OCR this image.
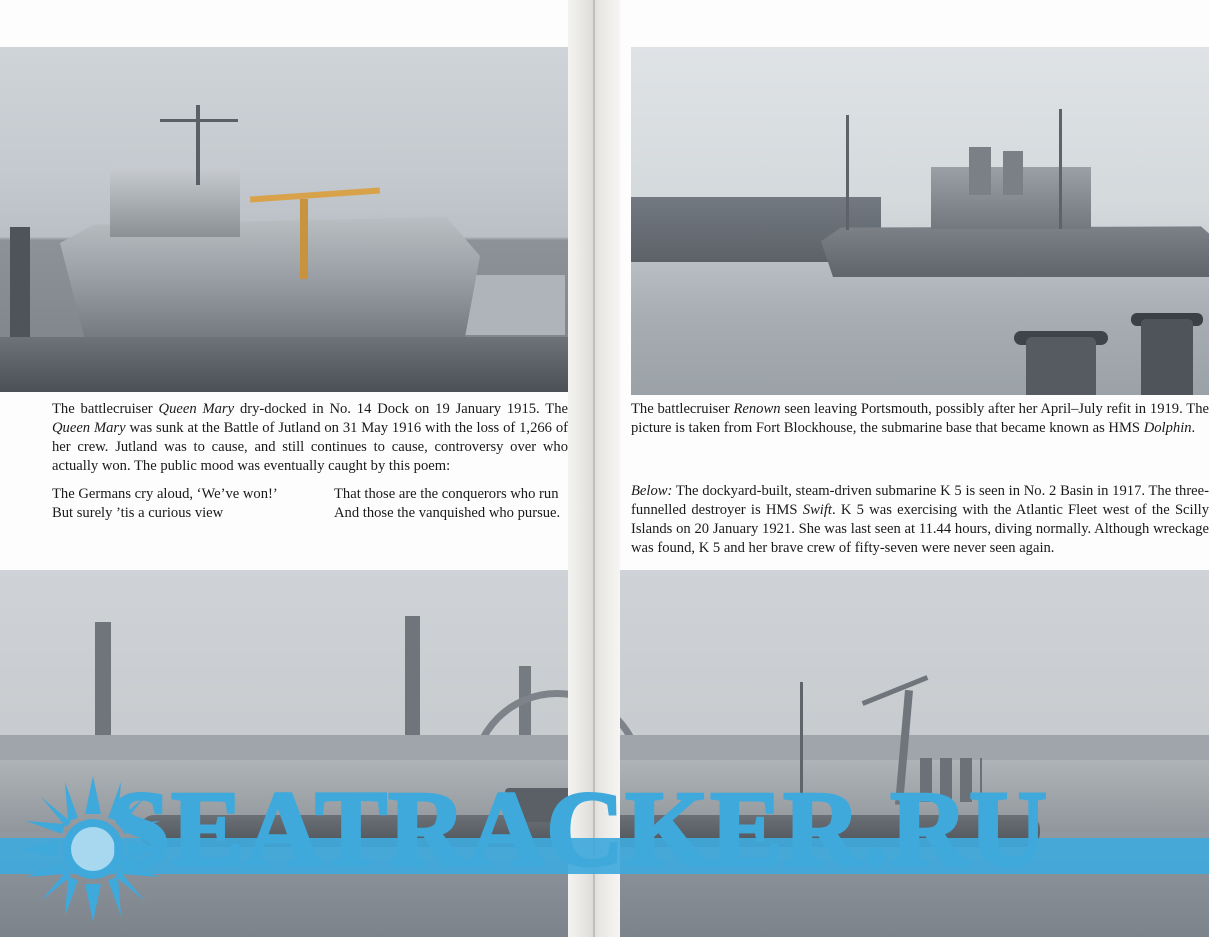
The battlecruiser Queen Mary dry-docked in No. 14 Dock on 19 January 1915. The Queen Mary was sunk at the Battle of Jutland on 31 May 1916 with the loss of 1,266 of her crew. Jutland was to cause, and still continues to cause, controversy over who actually won. The public mood was eventually caught by this poem:
The Germans cry aloud, ‘We’ve won!’
But surely ’tis a curious view
That those are the conquerors who run
And those the vanquished who pursue.
The battlecruiser Renown seen leaving Portsmouth, possibly after her April–July refit in 1919. The picture is taken from Fort Blockhouse, the submarine base that became known as HMS Dolphin.
Below: The dockyard-built, steam-driven submarine K 5 is seen in No. 2 Basin in 1917. The three-funnelled destroyer is HMS Swift. K 5 was exercising with the Atlantic Fleet west of the Scilly Islands on 20 January 1921. She was last seen at 11.44 hours, diving normally. Although wreckage was found, K 5 and her brave crew of fifty-seven were never seen again.
